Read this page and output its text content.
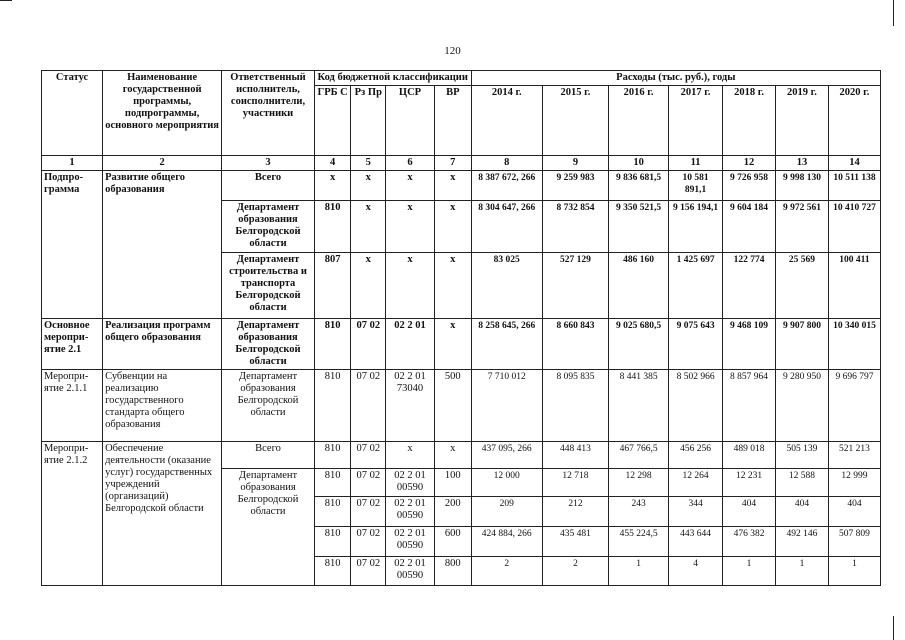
120
Статус	Наименование государственной программы, подпрограммы, основного мероприятия	Ответственный исполнитель, соисполнители, участники	Код бюджетной классификации				Расходы (тыс. руб.), годы						
			ГРБ С	Рз Пр	ЦСР	ВР	2014 г.	2015 г.	2016 г.	2017 г.	2018 г.	2019 г.	2020 г.
1	2	3	4	5	6	7	8	9	10	11	12	13	14
Подпро-грамма	Развитие общего образования	Всего	х	х	х	х	8 387 672, 266	9 259 983	9 836 681,5	10 581 891,1	9 726 958	9 998 130	10 511 138
		Департамент образования Белгородской области	810	х	х	х	8 304 647, 266	8 732 854	9 350 521,5	9 156 194,1	9 604 184	9 972 561	10 410 727
		Департамент строительства и транспорта Белгородской области	807	х	х	х	83 025	527 129	486 160	1 425 697	122 774	25 569	100 411
Основное меропри-ятие 2.1	Реализация программ общего образования	Департамент образования Белгородской области	810	07 02	02 2 01	х	8 258 645, 266	8 660 843	9 025 680,5	9 075 643	9 468 109	9 907 800	10 340 015
Меропри-ятие 2.1.1	Субвенции на реализацию государственного стандарта общего образования	Департамент образования Белгородской области	810	07 02	02 2 01 73040	500	7 710 012	8 095 835	8 441 385	8 502 966	8 857 964	9 280 950	9 696 797
Меропри-ятие 2.1.2	Обеспечение деятельности (оказание услуг) государственных учреждений (организаций) Белгородской области	Всего	810	07 02	х	х	437 095, 266	448 413	467 766,5	456 256	489 018	505 139	521 213
		Департамент образования Белгородской области	810	07 02	02 2 01 00590	100	12 000	12 718	12 298	12 264	12 231	12 588	12 999
			810	07 02	02 2 01 00590	200	209	212	243	344	404	404	404
			810	07 02	02 2 01 00590	600	424 884, 266	435 481	455 224,5	443 644	476 382	492 146	507 809
			810	07 02	02 2 01 00590	800	2	2	1	4	1	1	1
